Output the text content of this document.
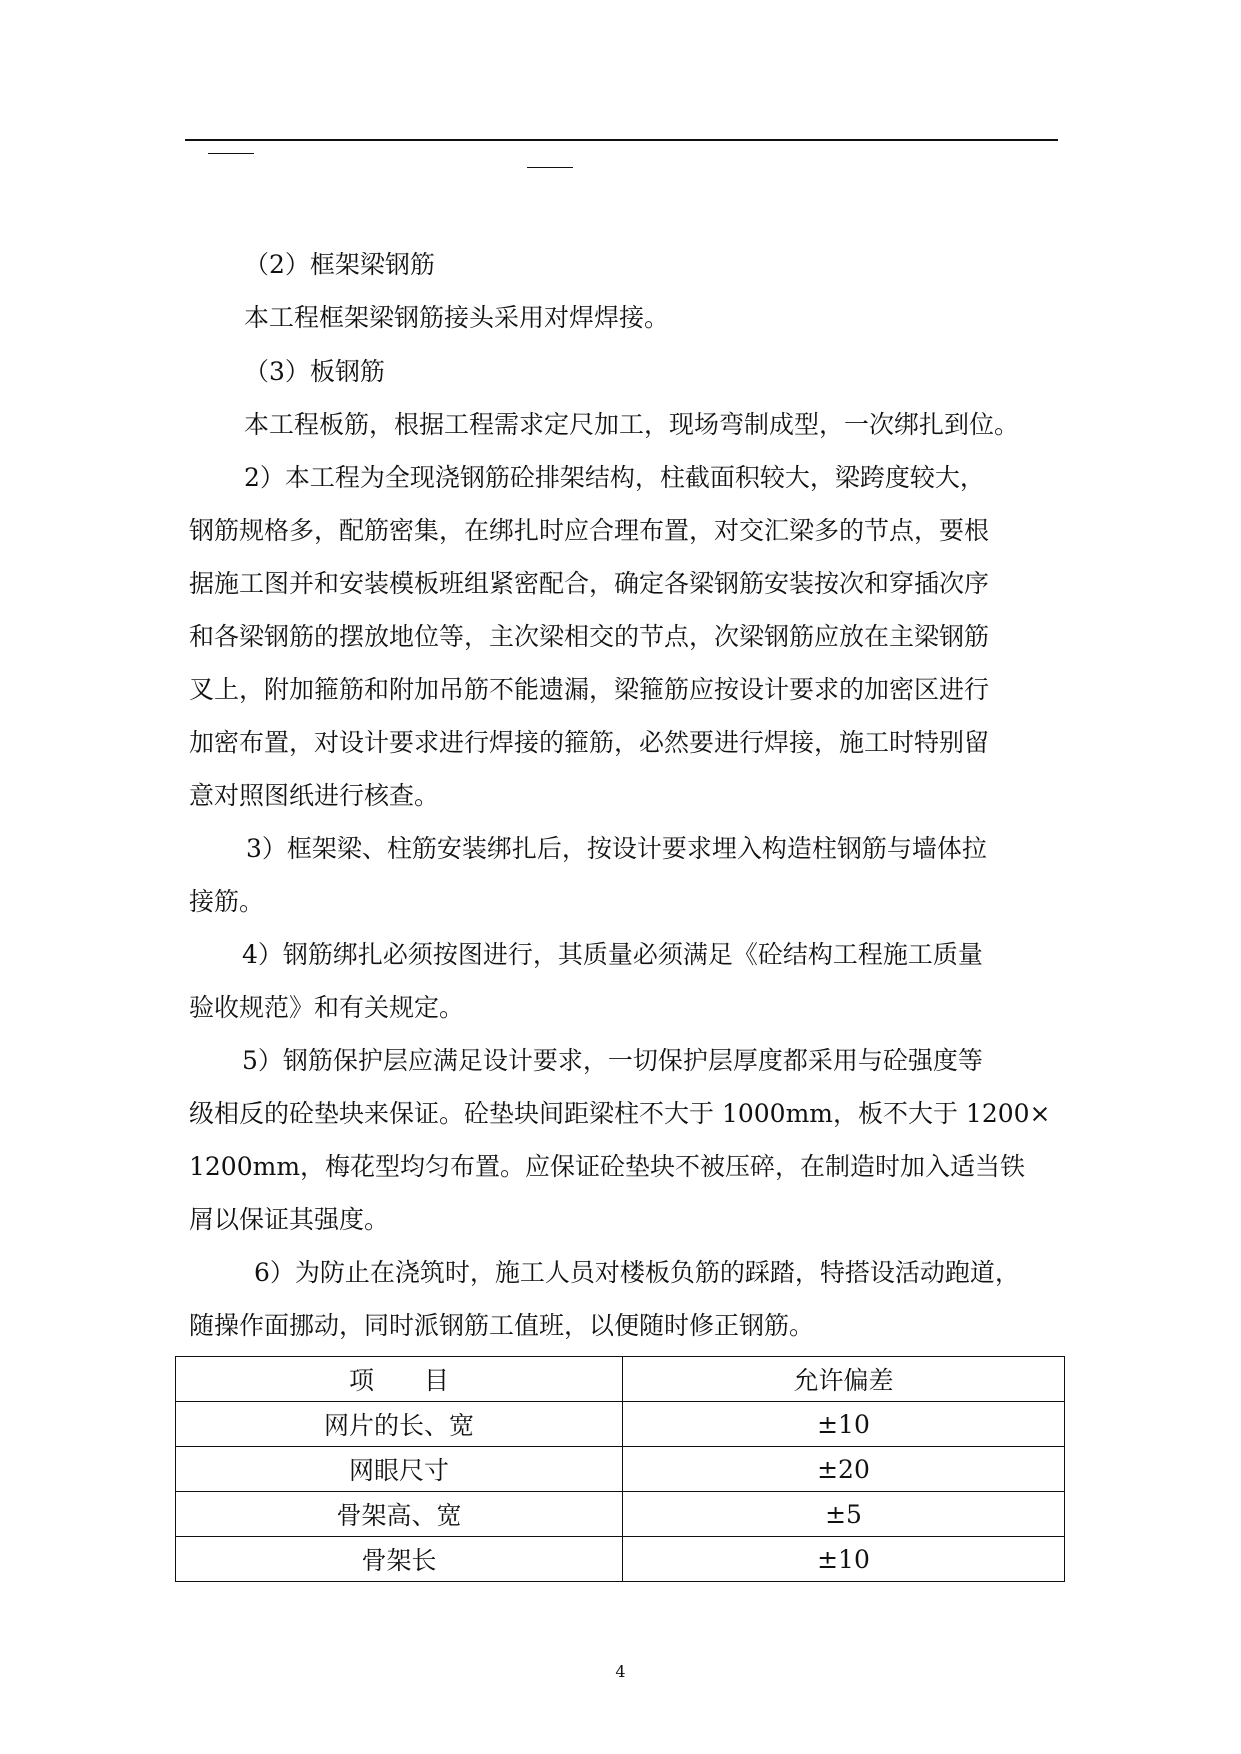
（2）框架梁钢筋
本工程框架梁钢筋接头采用对焊焊接。
（3）板钢筋
本工程板筋，根据工程需求定尺加工，现场弯制成型，一次绑扎到位。
2）本工程为全现浇钢筋砼排架结构，柱截面积较大，梁跨度较大，
钢筋规格多，配筋密集，在绑扎时应合理布置，对交汇梁多的节点，要根
据施工图并和安装模板班组紧密配合，确定各梁钢筋安装按次和穿插次序
和各梁钢筋的摆放地位等，主次梁相交的节点，次梁钢筋应放在主梁钢筋
叉上，附加箍筋和附加吊筋不能遗漏，梁箍筋应按设计要求的加密区进行
加密布置，对设计要求进行焊接的箍筋，必然要进行焊接，施工时特别留
意对照图纸进行核查。
3）框架梁、柱筋安装绑扎后，按设计要求埋入构造柱钢筋与墙体拉
接筋。
4）钢筋绑扎必须按图进行，其质量必须满足《砼结构工程施工质量
验收规范》和有关规定。
5）钢筋保护层应满足设计要求，一切保护层厚度都采用与砼强度等
级相反的砼垫块来保证。砼垫块间距梁柱不大于 1000mm，板不大于 1200×
1200mm，梅花型均匀布置。应保证砼垫块不被压碎，在制造时加入适当铁
屑以保证其强度。
6）为防止在浇筑时，施工人员对楼板负筋的踩踏，特搭设活动跑道，
随操作面挪动，同时派钢筋工值班，以便随时修正钢筋。
项　　目	允许偏差
网片的长、宽	±10
网眼尺寸	±20
骨架高、宽	±5
骨架长	±10
4
